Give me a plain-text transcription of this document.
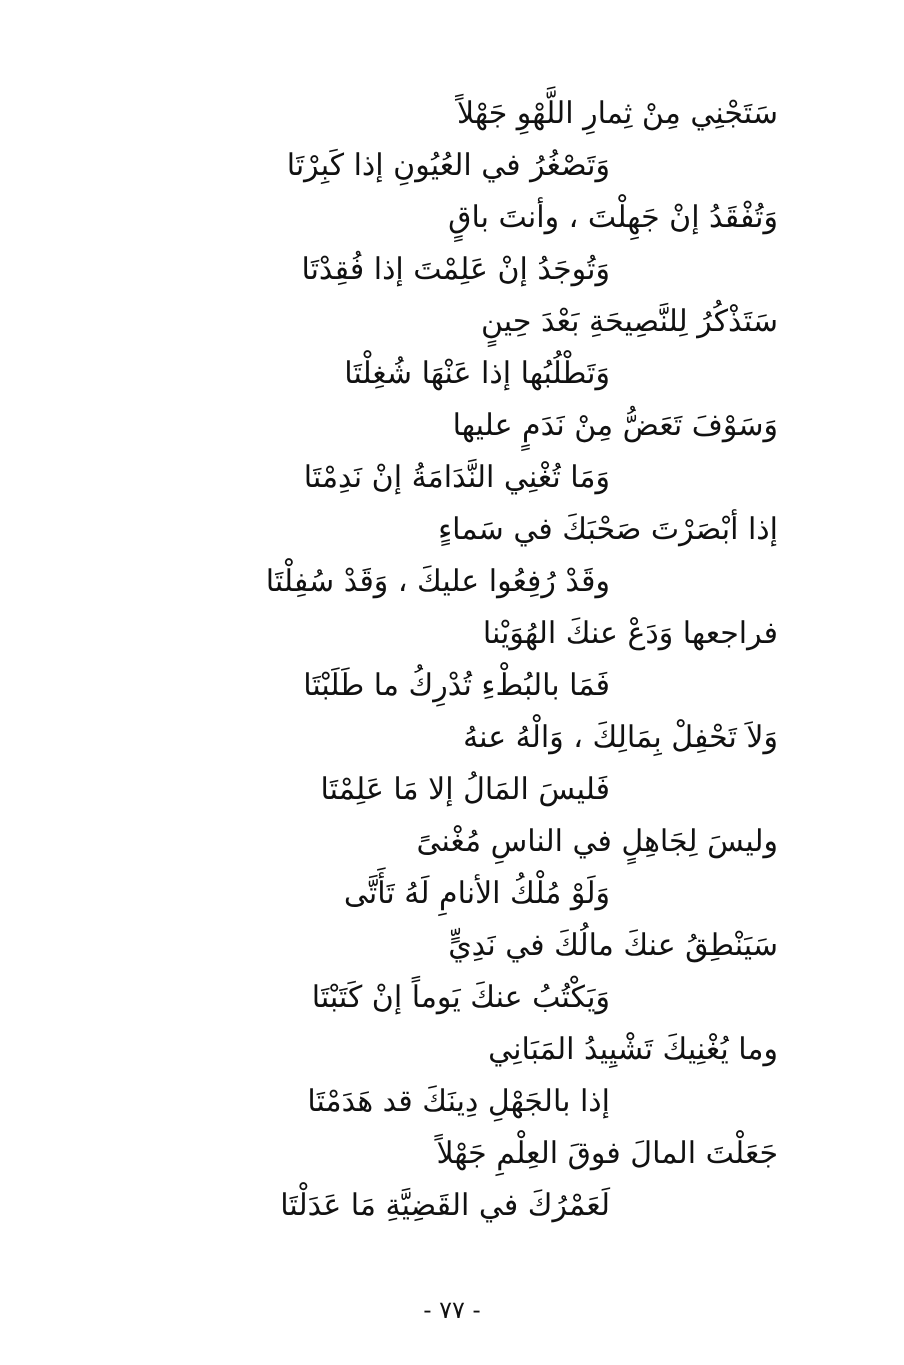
سَتَجْنِي مِنْ ثِمارِ اللَّهْوِ جَهْلاً
وَتَصْغُرُ في العُيُونِ إذا كَبِرْتَا
وَتُفْقَدُ إنْ جَهِلْتَ ، وأنتَ باقٍ
وَتُوجَدُ إنْ عَلِمْتَ إذا فُقِدْتَا
سَتَذْكُرُ لِلنَّصِيحَةِ بَعْدَ حِينٍ
وَتَطْلُبُها إذا عَنْهَا شُغِلْتَا
وَسَوْفَ تَعَضُّ مِنْ نَدَمٍ عليها
وَمَا تُغْنِي النَّدَامَةُ إنْ نَدِمْتَا
إذا أبْصَرْتَ صَحْبَكَ في سَماءٍ
وقَدْ رُفِعُوا عليكَ ، وَقَدْ سُفِلْتَا
فراجعها وَدَعْ عنكَ الهُوَيْنا
فَمَا بالبُطْءِ تُدْرِكُ ما طَلَبْتَا
وَلاَ تَحْفِلْ بِمَالِكَ ، وَالْهُ عنهُ
فَليسَ المَالُ إلا مَا عَلِمْتَا
وليسَ لِجَاهِلٍ في الناسِ مُغْنىً
وَلَوْ مُلْكُ الأنامِ لَهُ تَأَتَّى
سَيَنْطِقُ عنكَ مالُكَ في نَدِيٍّ
وَيَكْتُبُ عنكَ يَوماً إنْ كَتَبْتَا
وما يُغْنِيكَ تَشْيِيدُ المَبَانِي
إذا بالجَهْلِ دِينَكَ قد هَدَمْتَا
جَعَلْتَ المالَ فوقَ العِلْمِ جَهْلاً
لَعَمْرُكَ في القَضِيَّةِ مَا عَدَلْتَا
- ٧٧ -
